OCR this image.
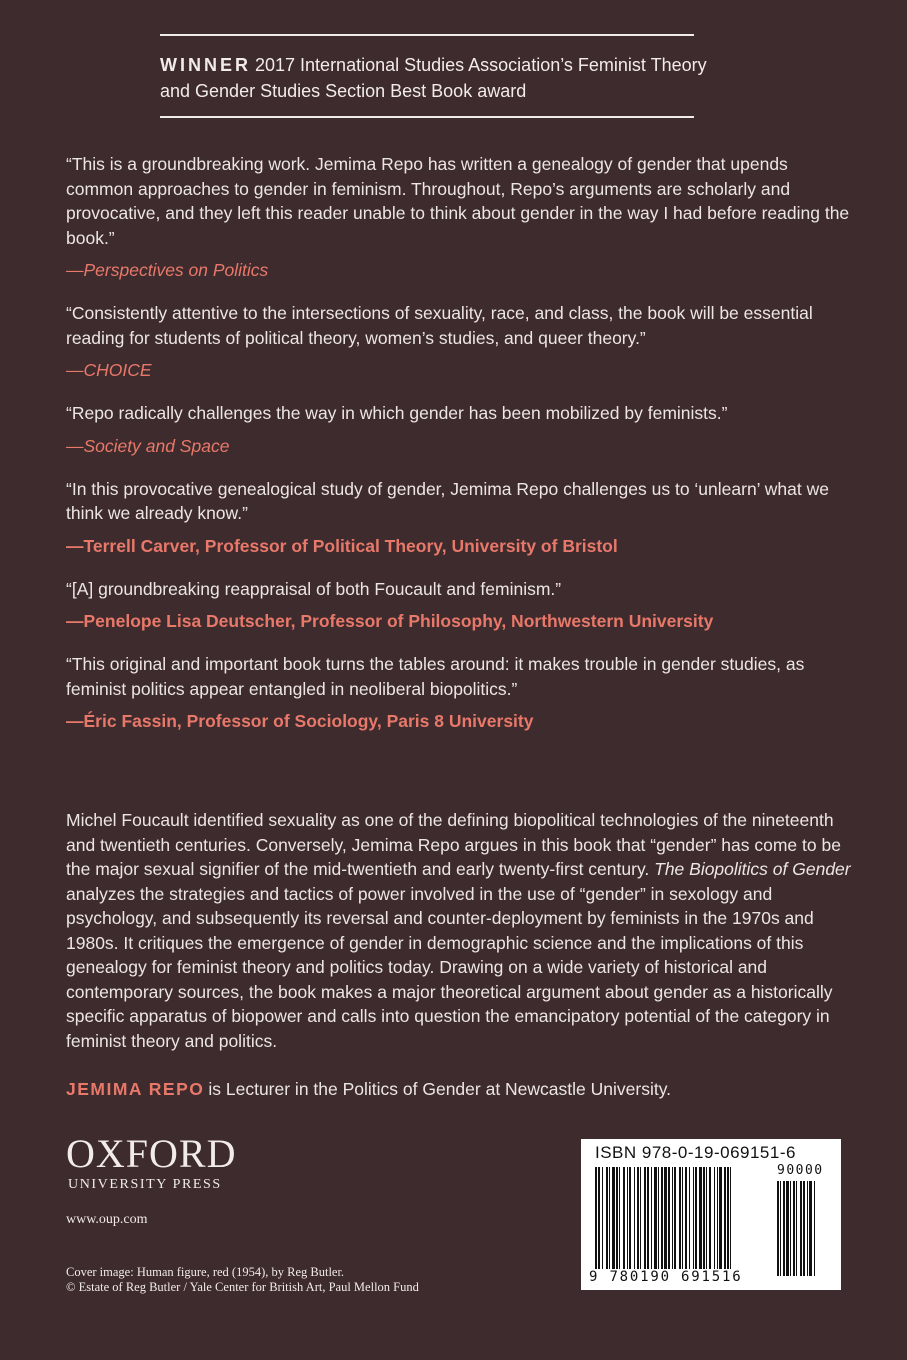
WINNER 2017 International Studies Association’s Feminist Theory
and Gender Studies Section Best Book award

“This is a groundbreaking work. Jemima Repo has written a genealogy of gender that upends common approaches to gender in feminism. Throughout, Repo’s arguments are scholarly and provocative, and they left this reader unable to think about gender in the way I had before reading the book.”

—Perspectives on Politics

“Consistently attentive to the intersections of sexuality, race, and class, the book will be essential reading for students of political theory, women’s studies, and queer theory.”

—CHOICE

“Repo radically challenges the way in which gender has been mobilized by feminists.”

—Society and Space

“In this provocative genealogical study of gender, Jemima Repo challenges us to ‘unlearn’ what we think we already know.”

—Terrell Carver, Professor of Political Theory, University of Bristol

“[A] groundbreaking reappraisal of both Foucault and feminism.”

—Penelope Lisa Deutscher, Professor of Philosophy, Northwestern University

“This original and important book turns the tables around: it makes trouble in gender studies, as feminist politics appear entangled in neoliberal biopolitics.”

—Éric Fassin, Professor of Sociology, Paris 8 University

Michel Foucault identified sexuality as one of the defining biopolitical technologies of the nineteenth and twentieth centuries. Conversely, Jemima Repo argues in this book that “gender” has come to be the major sexual signifier of the mid-twentieth and early twenty-first century. The Biopolitics of Gender analyzes the strategies and tactics of power involved in the use of “gender” in sexology and psychology, and subsequently its reversal and counter-deployment by feminists in the 1970s and 1980s. It critiques the emergence of gender in demographic science and the implications of this genealogy for feminist theory and politics today. Drawing on a wide variety of historical and contemporary sources, the book makes a major theoretical argument about gender as a historically specific apparatus of biopower and calls into question the emancipatory potential of the category in feminist theory and politics.
JEMIMA REPO is Lecturer in the Politics of Gender at Newcastle University.
OXFORD
UNIVERSITY PRESS
www.oup.com
Cover image: Human figure, red (1954), by Reg Butler.
© Estate of Reg Butler / Yale Center for British Art, Paul Mellon Fund
ISBN 978-0-19-069151-6
90000
9 780190 691516
